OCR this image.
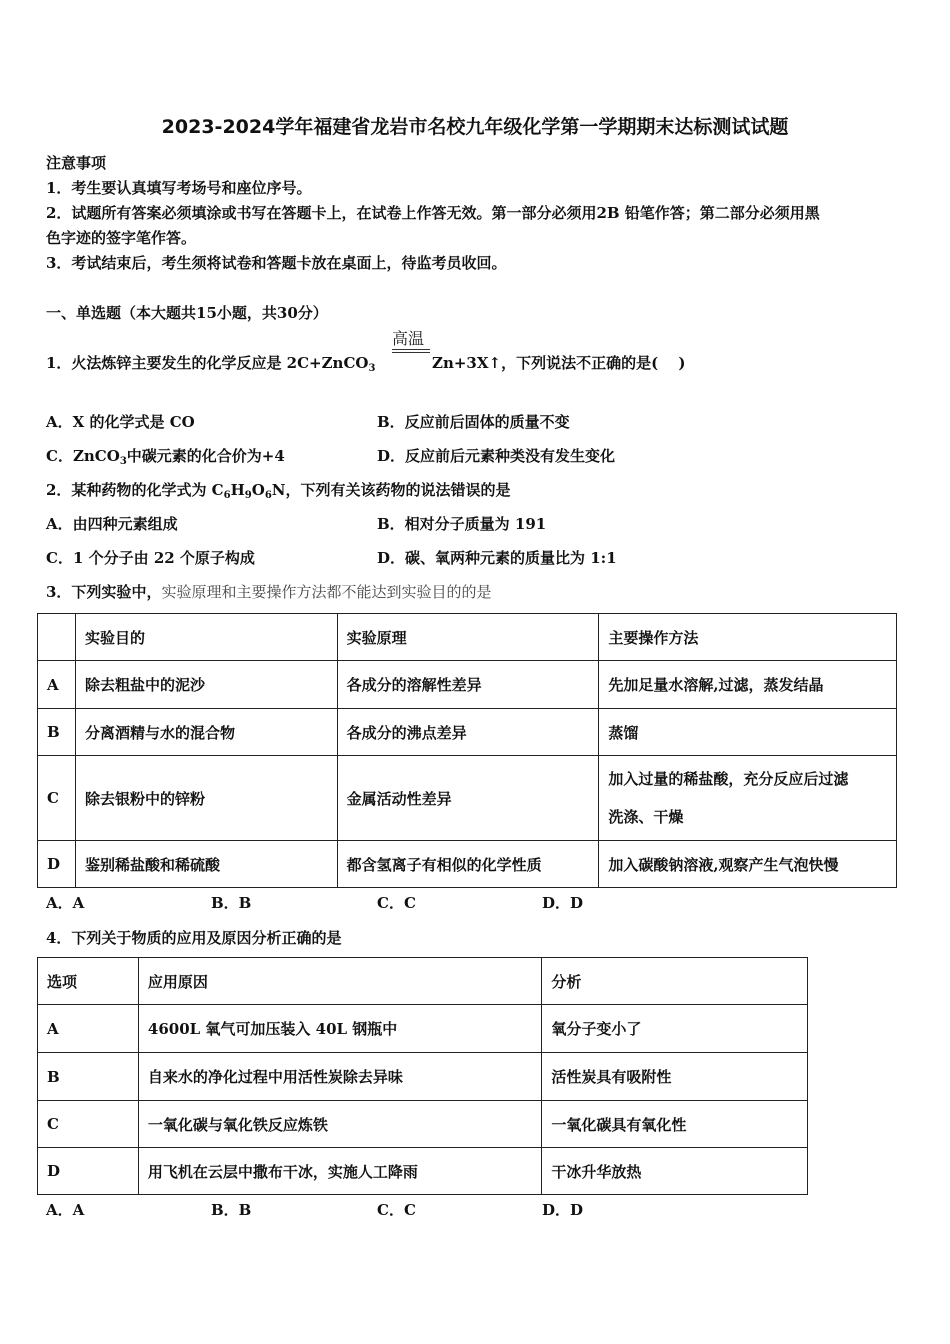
2023-2024学年福建省龙岩市名校九年级化学第一学期期末达标测试试题
注意事项
1．考生要认真填写考场号和座位序号。
2．试题所有答案必须填涂或书写在答题卡上，在试卷上作答无效。第一部分必须用2B 铅笔作答；第二部分必须用黑
色字迹的签字笔作答。
3．考试结束后，考生须将试卷和答题卡放在桌面上，待监考员收回。
一、单选题（本大题共15小题，共30分）
1．火法炼锌主要发生的化学反应是 2C+ZnCO$_3$
高温
Zn+3X↑，下列说法不正确的是(　 )
A．X 的化学式是 CO	B．反应前后固体的质量不变
C．ZnCO$_3$中碳元素的化合价为+4	D．反应前后元素种类没有发生变化
2．某种药物的化学式为 $C_6H_9O_6N$，下列有关该药物的说法错误的是
A．由四种元素组成	B．相对分子质量为 191
C．1 个分子由 22 个原子构成	D．碳、氧两种元素的质量比为 1:1
3．下列实验中，实验原理和主要操作方法都不能达到实验目的的是
	实验目的	实验原理	主要操作方法
A	除去粗盐中的泥沙	各成分的溶解性差异	先加足量水溶解,过滤，蒸发结晶
B	分离酒精与水的混合物	各成分的沸点差异	蒸馏
C	除去银粉中的锌粉	金属活动性差异	加入过量的稀盐酸，充分反应后过滤
洗涤、干燥

D	鉴别稀盐酸和稀硫酸	都含氢离子有相似的化学性质	加入碳酸钠溶液,观察产生气泡快慢
A．A	B．B	C．C	D．D
4．下列关于物质的应用及原因分析正确的是
选项	应用原因	分析
A	4600L 氧气可加压装入 40L 钢瓶中	氧分子变小了
B	自来水的净化过程中用活性炭除去异味	活性炭具有吸附性
C	一氧化碳与氧化铁反应炼铁	一氧化碳具有氧化性
D	用飞机在云层中撒布干冰，实施人工降雨	干冰升华放热
A．A	B．B	C．C	D．D
